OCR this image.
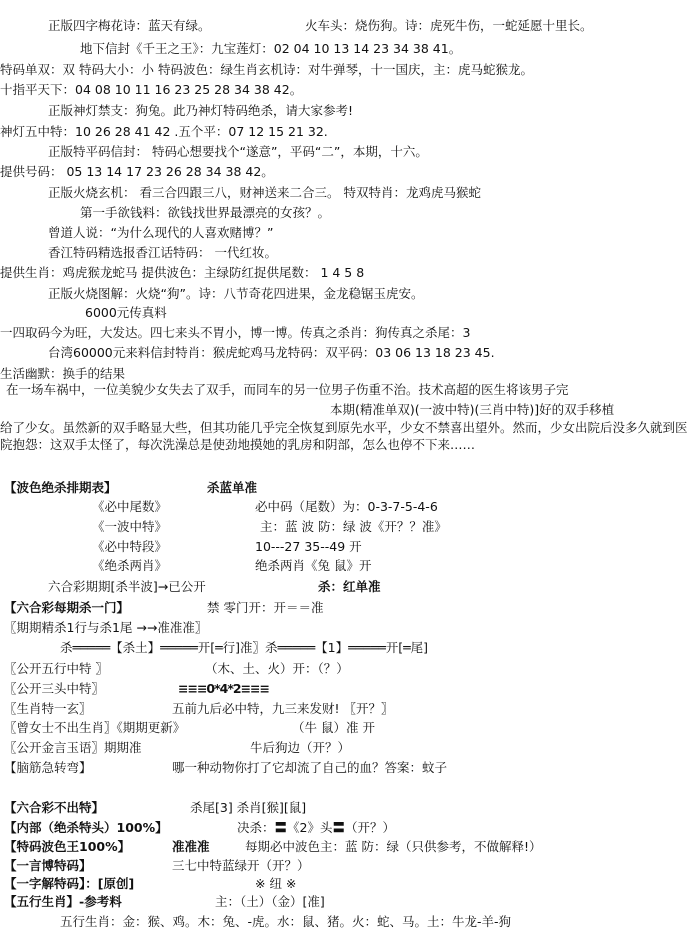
正版四字梅花诗：蓝天有绿。	火车头：烧伤狗。诗：虎死牛伤，一蛇延愿十里长。
地下信封《千王之王》：九宝莲灯：02 04 10 13 14 23 34 38 41。
特码单双：双 特码大小：小 特码波色：绿生肖玄机诗：对牛弹琴，十一国庆，主：虎马蛇猴龙。
十指平天下：04 08 10 11 16 23 25 28 34 38 42。
正版神灯禁支：狗兔。此乃神灯特码绝杀，请大家参考!
神灯五中特：10 26 28 41 42 .五个平：07 12 15 21 32.
正版特平码信封： 特码心想要找个“遂意”，平码“二”，本期，十六。
提供号码： 05 13 14 17 23 26 28 34 38 42。
正版火烧玄机： 看三合四跟三八，财神送来二合三。 特双特肖：龙鸡虎马猴蛇
第一手欲钱料：欲钱找世界最漂亮的女孩？。
曾道人说：“为什么现代的人喜欢赌博？”
香江特码精选报香江话特码： 一代红妆。
提供生肖：鸡虎猴龙蛇马 提供波色：主绿防红捉供尾数： 1 4 5 8
正版火烧图解：火烧“狗”。诗：八节奇花四进果，金龙稳锯玉虎安。
6000元传真料
一四取码今为旺，大发达。四七来头不胃小，博一博。传真之杀肖：狗传真之杀尾：3
台湾60000元来料信封特肖：猴虎蛇鸡马龙特码：双平码：03 06 13 18 23 45.
生活幽默：换手的结果
在一场车祸中，一位美貌少女失去了双手，而同车的另一位男子伤重不治。技术高超的医生将该男子完
本期(精准单双)(一波中特)(三肖中特)]好的双手移植
给了少女。虽然新的双手略显大些，但其功能几乎完全恢复到原先水平，少女不禁喜出望外。然而，少女出院后没多久就到医院抱怨：这双手太怪了，每次洗澡总是使劲地摸她的乳房和阴部，怎么也停不下来……
【波色绝杀排期表】	杀蓝单准
《必中尾数》	必中码（尾数）为：0-3-7-5-4-6
《一波中特》	主：蓝 波 防：绿 波《开？？准》
《必中特段》	10---27 35--49 开
《绝杀两肖》	绝杀两肖《兔 鼠》开
六合彩期期[杀半波]→已公开	杀：红单准
【六合彩每期杀一门】	禁 零门开：开＝＝准
〖期期精杀1行与杀1尾 →→准准准〗
杀═════【杀土】═════开[═行]准〗杀═════【1】═════开[═尾]
〖公开五行中特 〗	（木、土、火）开：（？）
〖公开三头中特〗	≡≡≡0*4*2≡≡≡
〖生肖特一玄〗	五前九后必中特，九三来发财! 〖开？〗
〖曾女士不出生肖〗《期期更新》	（牛 鼠）准 开
〖公开金言玉语〗期期准	牛后狗边（开？）
【脑筋急转弯】	哪一种动物你打了它却流了自己的血？答案：蚊子
【六合彩不出特】	杀尾[3] 杀肖[猴][鼠]
【内部（绝杀特头）100%】	决杀：〓《2》头〓（开？）
【特码波色王100%】	准准准	每期必中波色主：蓝 防：绿（只供参考，不做解释!）
【一言博特码】	三七中特蓝绿开（开？）
【一字解特码】：[原创]	※ 纽 ※
【五行生肖】-参考料	主：（土）（金）[准]
五行生肖：金：猴、鸡。木：兔、-虎。水：鼠、猪。火：蛇、马。土：牛龙-羊-狗
